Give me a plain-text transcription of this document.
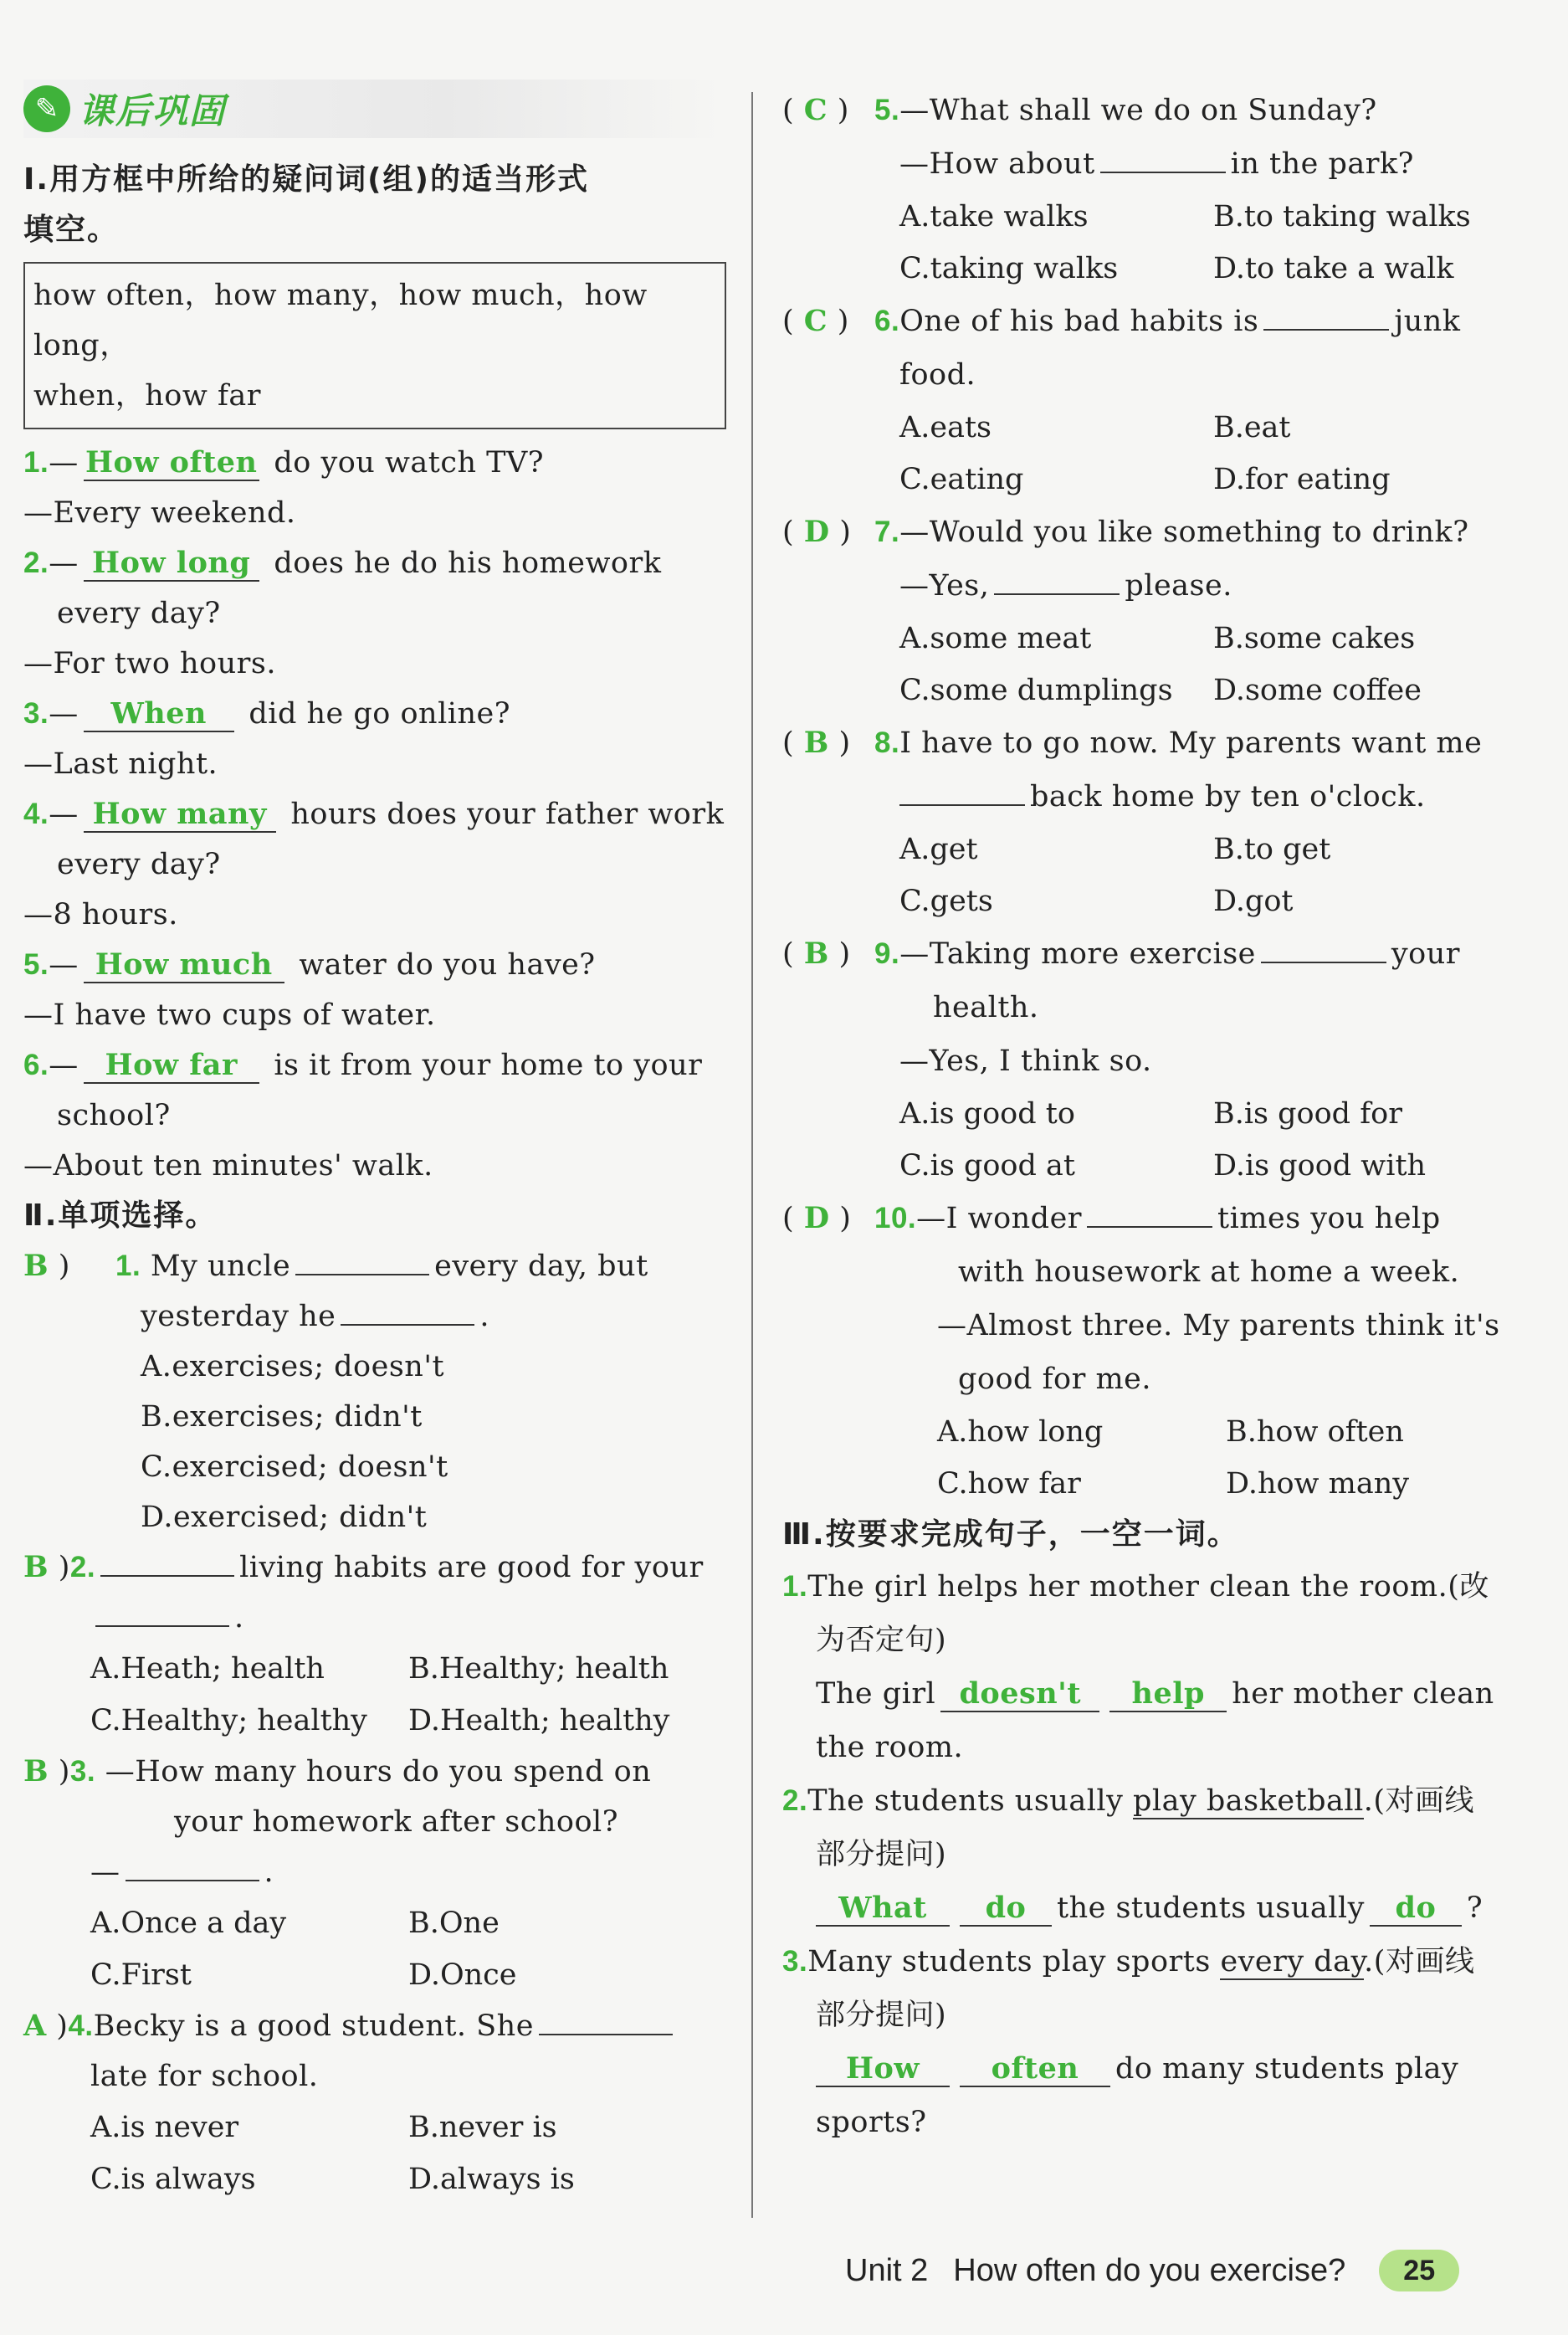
✎ 课后巩固
Ⅰ.用方框中所给的疑问词(组)的适当形式
填空。
how often，how many，how much，how long，
when，how far
1.— How often do you watch TV?
—Every weekend.
2.— How long does he do his homework
every day?
—For two hours.
3.— When did he go online?
—Last night.
4.— How many hours does your father work
every day?
—8 hours.
5.— How much water do you have?
—I have two cups of water.
6.— How far is it from your home to your
school?
—About ten minutes' walk.
Ⅱ.单项选择。
B ) 1. My uncle	every day, but
yesterday he	.
A.exercises; doesn't
B.exercises; didn't
C.exercised; doesn't
D.exercised; didn't
B )2.	living habits are good for your
.
A.Heath; health	B.Healthy; health
C.Healthy; healthy	D.Health; healthy
B )3. —How many hours do you spend on
your homework after school?
—	.
A.Once a day	B.One
C.First	D.Once
A )4.Becky is a good student. She
late for school.
A.is never	B.never is
C.is always	D.always is
( C ) 5.—What shall we do on Sunday?
—How about	in the park?
A.take walks	B.to taking walks
C.taking walks	D.to take a walk
( C ) 6.One of his bad habits is	junk
food.
A.eats	B.eat
C.eating	D.for eating
( D ) 7.—Would you like something to drink?
—Yes,	please.
A.some meat	B.some cakes
C.some dumplings	D.some coffee
( B ) 8.I have to go now. My parents want me
back home by ten o'clock.
A.get	B.to get
C.gets	D.got
( B ) 9.—Taking more exercise	your
health.
—Yes, I think so.
A.is good to	B.is good for
C.is good at	D.is good with
( D ) 10.—I wonder	times you help
with housework at home a week.
—Almost three. My parents think it's
good for me.
A.how long	B.how often
C.how far	D.how many
Ⅲ.按要求完成句子，一空一词。
1.The girl helps her mother clean the room.(改
为否定句)
The girl doesn't help her mother clean
the room.
2.The students usually play basketball.(对画线
部分提问)
What do the students usually do ?
3.Many students play sports every day.(对画线
部分提问)
How often do many students play
sports?
Unit 2 How often do you exercise?	25
